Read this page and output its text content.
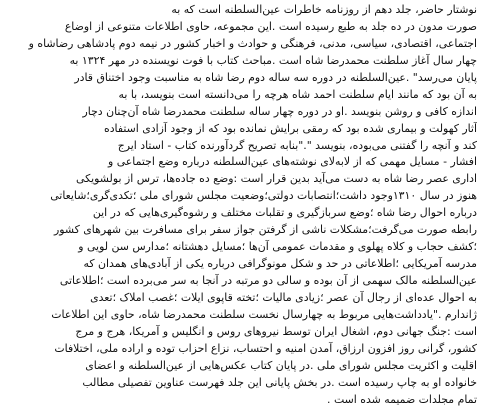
نوشتار حاضر، جلد دهم از روزنامه خاطرات عین‌السلطنه است که به
صورت مدون در ده جلد به طبع رسیده است .این مجموعه، حاوی اطلاعات متنوعی از اوضاع
اجتماعی، اقتصادی، سیاسی، مدنی، فرهنگی و حوادث و اخبار کشور در نیمه دوم پادشاهی رضاشاه و
چهار سال آغاز سلطنت محمدرضا شاه است .مباحث کتاب با فوت نویسنده در مهر ۱۳۲۴ به
پایان می‌رسد" .عین‌السلطنه در دوره سه ساله دوم رضا شاه به مناسبت وجود اختناق قادر
به آن بود که مانند ایام سلطنت احمد شاه هرچه را می‌دانسته است بنویسد، با به
اندازه کافی و روشن بنویسد .او در دوره چهار ساله سلطنت محمدرضا شاه آن‌چنان دچار
آثار کهولت و بیماری شده بود که رمقی برایش نمانده بود که از وجود آزادی استفاده
کند و آنچه را گفتنی می‌بوده، بنویسد "."بنابه تصریح گردآورنده کتاب - استاد ایرج
افشار - مسایل مهمی که از لابه‌لای نوشته‌های عین‌السلطنه درباره وضع اجتماعی و
اداری عصر رضا شاه به دست می‌آید بدین قرار است :وضع ده جاده‌ها، ترس از بولشویکی
هنوز در سال ۱۳۱۰وجود داشت؛انتصابات دولتی؛وضعیت مجلس شورای ملی ؛تکدی‌گری؛شایعاتی
درباره احوال رضا شاه ؛وضع سربازگیری و تقلبات مختلف و رشوه‌گیری‌هایی که در این
رابطه صورت می‌گرفت؛مشکلات ناشی از گرفتن جواز سفر برای مسافرت بین شهرهای کشور
؛کشف حجاب و کلاه پهلوی و مقدمات عمومی آن‌ها ؛مسایل دهشتانه ؛مدارس سن لویی و
مدرسه آمریکایی ؛اطلاعاتی در حد و شکل مونوگرافی درباره یکی از آبادی‌های همدان که
عین‌السلطنه مالک سهمی از آن بوده و سالی دو مرتبه در آنجا به سر می‌برده است ؛اطلاعاتی
به احوال عده‌ای از رجال آن عصر ؛زیادی مالیات ؛تخته قاپوی ایلات ؛غصب املاک ؛تعدی
ژاندارم ."یادداشت‌هایی مربوط به چهارسال نخست سلطنت محمدرضا شاه، حاوی این اطلاعات
است :جنگ جهانی دوم، اشغال ایران توسط نیروهای روس و انگلیس و آمریکا، هرج و مرج
کشور، گرانی روز افزون ارزاق، آمدن امنیه و احتساب، نزاع احزاب توده و اراده ملی، اختلافات
اقلیت و اکثریت مجلس شورای ملی .در پایان کتاب عکس‌هایی از عین‌السلطنه و اعضای
خانواده او به چاپ رسیده است .در بخش پایانی این جلد فهرست عناوین تفصیلی مطالب
تمام مجلدات ضمیمه شده است .
